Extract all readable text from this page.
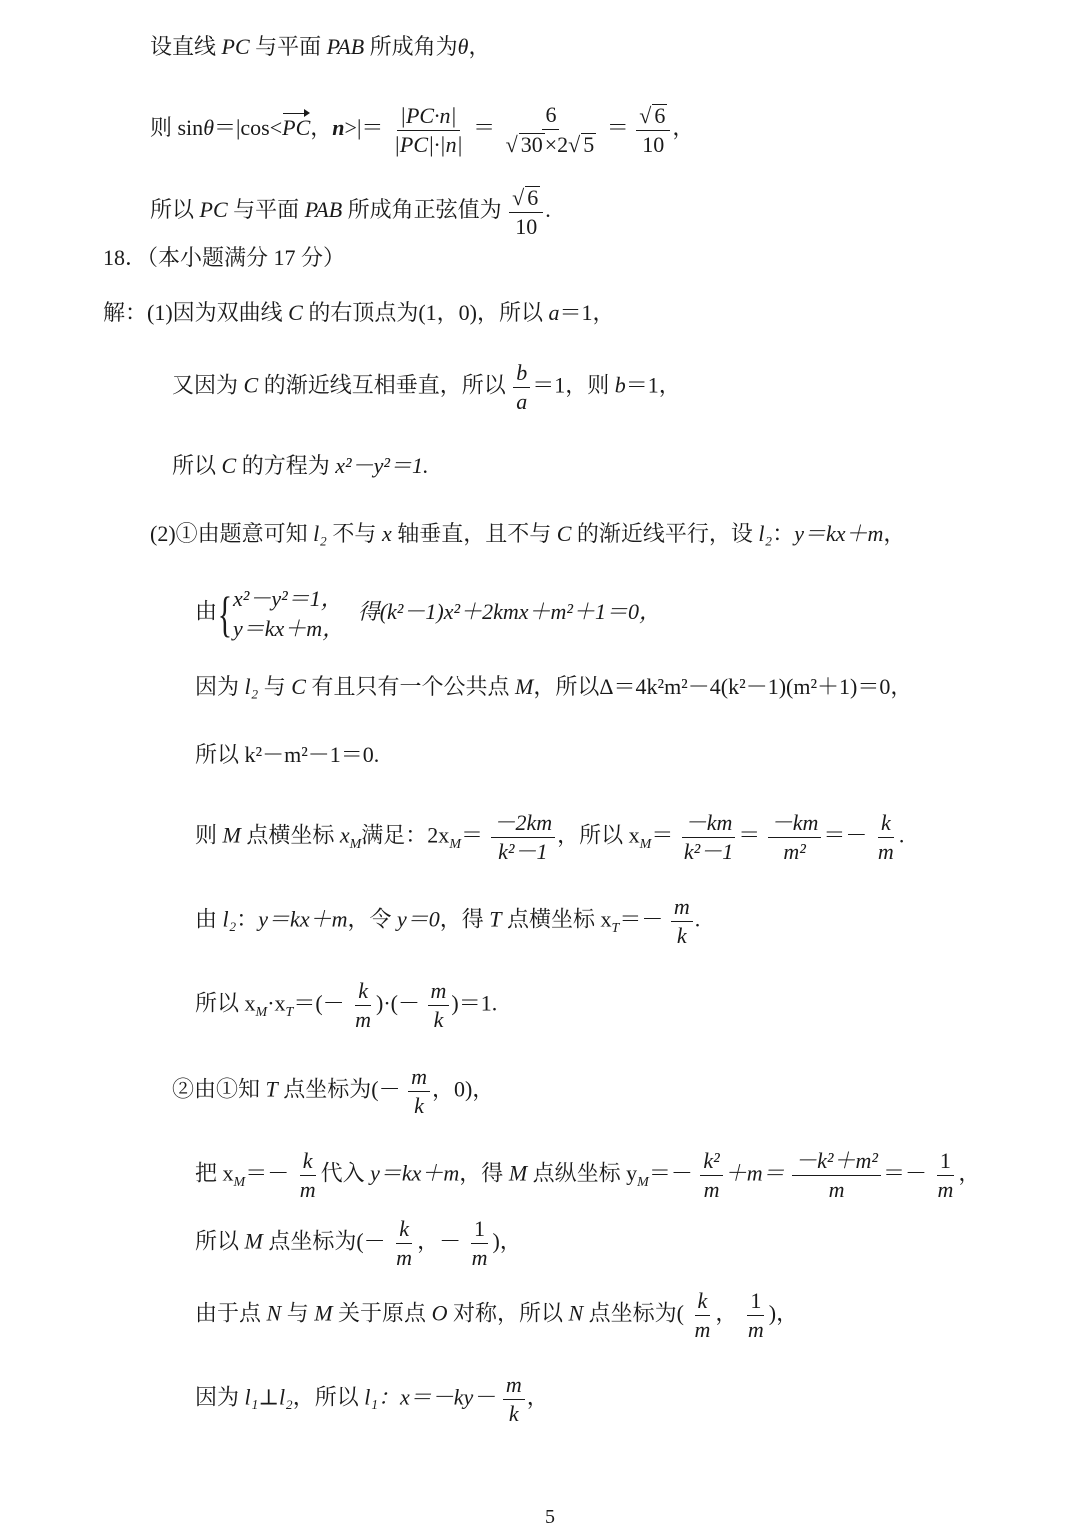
设直线 PC 与平面 PAB 所成角为θ，
则 sinθ＝|cos<PC，$n>|= \frac{|PC\cdot n|}{|PC|\cdot|n|} = \frac{6}{√ 30\times 2√ 5} = \frac{√ 6}{10}$ ，
所以 PC 与平面 PAB 所成角正弦值为 $\frac{√ 6}{10}$ .
18．（本小题满分 17 分）
解：(1)因为双曲线 C 的右顶点为(1，0)，所以 a＝1，
又因为 C 的渐近线互相垂直，所以 $\frac{b}{a} =1$，则 b＝1，
所以 C 的方程为 x²－y²＝1.
(2)①由题意可知 l₂ 不与 x 轴垂直，且不与 C 的渐近线平行，设 l₂：y＝kx＋m，
由{ x²－y²＝1，
y＝kx＋m，
得(k²－1)x²＋2kmx＋m²＋1＝0，
因为 l₂ 与 C 有且只有一个公共点 M，所以Δ＝4k²m²－4(k²－1)(m²＋1)＝0，
所以 k²－m²－1＝0.
则 M 点横坐标 $x_M$满足：$2x_M= \frac{-2km}{\text{k²－1}}$ ，所以 $x_M= \frac{-km}{\text{k²－1}} = \frac{-km}{\text{m²}} =- \frac{k}{m}$ .
由 l₂：y＝kx＋m，令 y＝0，得 T 点横坐标 $x_T=- \frac{m}{k}$ .
所以 $x_M\cdot x_T=(- \frac{k}{m}$ )·(－ $\frac{m}{k} )=1$.
②由①知 T 点坐标为(－ $\frac{m}{k}$ ，0)，
把 $x_M=- \frac{k}{m}$ 代入 y＝kx＋m，得 M 点纵坐标 $y_M=- \frac{\text{k²}}{m} +m= \frac{\text{－k²＋m²}}{m} =- \frac{1}{m}$ ，
所以 M 点坐标为(－ $\frac{k}{m}$ ，－ $\frac{1}{m}$ )，
由于点 N 与 M 关于原点 O 对称，所以 N 点坐标为( $\frac{k}{m}$ ， $\frac{1}{m}$ )，
因为 l₁⊥l₂，所以 l₁：$x=-ky- \frac{m}{k}$ ，
5
